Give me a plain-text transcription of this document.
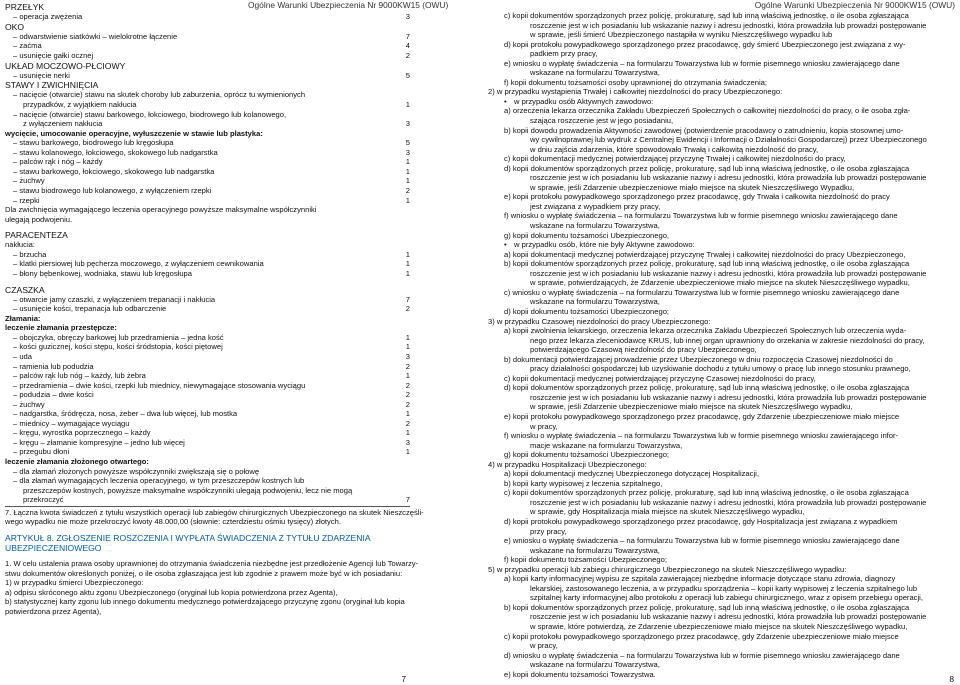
PRZEŁYK
– operacja zwężenia	3
OKO
– odwarstwienie siatkówki – wielokrotne łączenie	7
– zaćma	4
– usunięcie gałki ocznej	2
UKŁAD MOCZOWO-PŁCIOWY
– usunięcie nerki	5
STAWY I ZWICHNIĘCIA
– nacięcie (otwarcie) stawu na skutek choroby lub zaburzenia, oprócz tu wymienionych
przypadków, z wyjątkiem nakłucia	1
– nacięcie (otwarcie) stawu barkowego, łokciowego, biodrowego lub kolanowego,
z wyłączeniem nakłucia	3
wycięcie, umocowanie operacyjne, wyłuszczenie w stawie lub plastyka:
– stawu barkowego, biodrowego lub kręgosłupa	5
– stawu kolanowego, łokciowego, skokowego lub nadgarstka	3
– palców rąk i nóg – każdy	1
– stawu barkowego, łokciowego, skokowego lub nadgarstka	1
– żuchwy	1
– stawu biodrowego lub kolanowego, z wyłączeniem rzepki	2
– rzepki	1
Dla zwichnięcia wymagającego leczenia operacyjnego powyższe maksymalne współczynniki
ulegają podwojeniu.
PARACENTEZA
nakłucia:
– brzucha	1
– klatki piersiowej lub pęcherza moczowego, z wyłączeniem cewnikowania	1
– błony bębenkowej, wodniaka, stawu lub kręgosłupa	1
CZASZKA
– otwarcie jamy czaszki, z wyłączeniem trepanacji i nakłucia	7
– usunięcie kości, trepanacja lub odbarczenie	2
Złamania:
leczenie złamania przestępcze:
– obojczyka, obręczy barkowej lub przedramienia – jedna kość	1
– kości guzicznej, kości stępu, kości śródstopia, kości piętowej	1
– uda	3
– ramienia lub podudzia	2
– palców rąk lub nóg – każdy, lub żebra	1
– przedramienia – dwie kości, rzepki lub miednicy, niewymagające stosowania wyciągu	2
– podudzia – dwie kości	2
– żuchwy	2
– nadgarstka, śródręcza, nosa, żeber – dwa lub więcej, lub mostka	1
– miednicy – wymagające wyciągu	2
– kręgu, wyrostka poprzecznego – każdy	1
– kręgu – złamanie kompresyjne – jedno lub więcej	3
– przegubu dłoni	1
leczenie złamania złożonego otwartego:
– dla złamań złożonych powyższe współczynniki zwiększają się o połowę
– dla złamań wymagających leczenia operacyjnego, w tym przeszczepów kostnych lub
przeszczepów kostnych, powyższe maksymalne współczynniki ulegają podwojeniu, lecz nie mogą
przekroczyć	7
7. Łączna kwota świadczeń z tytułu wszystkich operacji lub zabiegów chirurgicznych Ubezpieczonego na skutek Nieszczęśli-
wego wypadku nie może przekroczyć kwoty 48.000,00 (słownie: czterdziestu ośmiu tysięcy) złotych.
ARTYKUŁ 8. ZGŁOSZENIE ROSZCZENIA I WYPŁATA ŚWIADCZENIA Z TYTUŁU ZDARZENIA
UBEZPIECZENIOWEGO
1. W celu ustalenia prawa osoby uprawnionej do otrzymania świadczenia niezbędne jest przedłożenie Agencji lub Towarzy-
stwu dokumentów określonych poniżej, o ile osoba zgłaszająca jest lub zgodnie z prawem może być w ich posiadaniu:
1) w przypadku śmierci Ubezpieczonego:
a) odpisu skróconego aktu zgonu Ubezpieczonego (oryginał lub kopia potwierdzona przez Agenta),
b) statystycznej karty zgonu lub innego dokumentu medycznego potwierdzającego przyczynę zgonu (oryginał lub kopia
potwierdzona przez Agenta),
7
Ogólne Warunki Ubezpieczenia Nr 9000KW15 (OWU)
c) kopii dokumentów sporządzonych przez policję, prokuraturę, sąd lub inną właściwą jednostkę, o ile osoba zgłaszająca
roszczenie jest w ich posiadaniu lub wskazanie nazwy i adresu jednostki, która prowadziła lub prowadzi postępowanie
w sprawie, jeśli śmierć Ubezpieczonego nastąpiła w wyniku Nieszczęśliwego wypadku lub
d) kopii protokołu powypadkowego sporządzonego przez pracodawcę, gdy śmierć Ubezpieczonego jest związana z wy-
padkiem przy pracy,
e) wniosku o wypłatę świadczenia – na formularzu Towarzystwa lub w formie pisemnego wniosku zawierającego dane
wskazane na formularzu Towarzystwa,
f) kopii dokumentu tożsamości osoby uprawnionej do otrzymania świadczenia;
2) w przypadku wystąpienia Trwałej i całkowitej niezdolności do pracy Ubezpieczonego:
• w przypadku osób Aktywnych zawodowo:
a) orzeczenia lekarza orzecznika Zakładu Ubezpieczeń Społecznych o całkowitej niezdolności do pracy, o ile osoba zgła-
szająca roszczenie jest w jego posiadaniu,
b) kopii dowodu prowadzenia Aktywności zawodowej (potwierdzenie pracodawcy o zatrudnieniu, kopia stosownej umo-
wy cywilnoprawnej lub wydruk z Centralnej Ewidencji i Informacji o Działalności Gospodarczej) przez Ubezpieczonego
w dniu zajścia zdarzenia, które spowodowało Trwałą i całkowitą niezdolność do pracy,
c) kopii dokumentacji medycznej potwierdzającej przyczynę Trwałej i całkowitej niezdolności do pracy,
d) kopii dokumentów sporządzonych przez policję, prokuraturę, sąd lub inną właściwą jednostkę, o ile osoba zgłaszająca
roszczenie jest w ich posiadaniu lub wskazanie nazwy i adresu jednostki, która prowadziła lub prowadzi postępowanie
w sprawie, jeśli Zdarzenie ubezpieczeniowe miało miejsce na skutek Nieszczęśliwego Wypadku,
e) kopii protokołu powypadkowego sporządzonego przez pracodawcę, gdy Trwała i całkowita niezdolność do pracy
jest związana z wypadkiem przy pracy,
f) wniosku o wypłatę świadczenia – na formularzu Towarzystwa lub w formie pisemnego wniosku zawierającego dane
wskazane na formularzu Towarzystwa,
g) kopii dokumentu tożsamości Ubezpieczonego,
• w przypadku osób, które nie były Aktywne zawodowo:
a) kopii dokumentacji medycznej potwierdzającej przyczynę Trwałej i całkowitej niezdolności do pracy Ubezpieczonego,
b) kopii dokumentów sporządzonych przez policję, prokuraturę, sąd lub inną właściwą jednostkę, o ile osoba zgłaszająca
roszczenie jest w ich posiadaniu lub wskazanie nazwy i adresu jednostki, która prowadziła lub prowadzi postępowanie
w sprawie, potwierdzających, że Zdarzenie ubezpieczeniowe miało miejsce na skutek Nieszczęśliwego wypadku,
c) wniosku o wypłatę świadczenia – na formularzu Towarzystwa lub w formie pisemnego wniosku zawierającego dane
wskazane na formularzu Towarzystwa,
d) kopii dokumentu tożsamości Ubezpieczonego;
3) w przypadku Czasowej niezdolności do pracy Ubezpieczonego:
a) kopii zwolnienia lekarskiego, orzeczenia lekarza orzecznika Zakładu Ubezpieczeń Społecznych lub orzeczenia wyda-
nego przez lekarza zleceniodawcę KRUS, lub innej organ uprawniony do orzekania w zakresie niezdolności do pracy,
potwierdzającego Czasową niezdolność do pracy Ubezpieczonego,
b) dokumentacji potwierdzającej prowadzenie przez Ubezpieczonego w dniu rozpoczęcia Czasowej niezdolności do
pracy działalności gospodarczej lub uzyskiwanie dochodu z tytułu umowy o pracę lub innego stosunku prawnego,
c) kopii dokumentacji medycznej potwierdzającej przyczynę Czasowej niezdolności do pracy,
d) kopii dokumentów sporządzonych przez policję, prokuraturę, sąd lub inną właściwą jednostkę, o ile osoba zgłaszająca
roszczenie jest w ich posiadaniu lub wskazanie nazwy i adresu jednostki, która prowadziła lub prowadzi postępowanie
w sprawie, jeśli Zdarzenie ubezpieczeniowe miało miejsce na skutek Nieszczęśliwego wypadku,
e) kopii protokołu powypadkowego sporządzonego przez pracodawcę, gdy Zdarzenie ubezpieczeniowe miało miejsce
w pracy,
f) wniosku o wypłatę świadczenia – na formularzu Towarzystwa lub w formie pisemnego wniosku zawierającego infor-
macje wskazane na formularzu Towarzystwa,
g) kopii dokumentu tożsamości Ubezpieczonego;
4) w przypadku Hospitalizacji Ubezpieczonego:
a) kopii dokumentacji medycznej Ubezpieczonego dotyczącej Hospitalizacji,
b) kopii karty wypisowej z leczenia szpitalnego,
c) kopii dokumentów sporządzonych przez policję, prokuraturę, sąd lub inną właściwą jednostkę, o ile osoba zgłaszająca
roszczenie jest w ich posiadaniu lub wskazanie nazwy i adresu jednostki, która prowadziła lub prowadzi postępowanie
w sprawie, gdy Hospitalizacja miała miejsce na skutek Nieszczęśliwego wypadku,
d) kopii protokołu powypadkowego sporządzonego przez pracodawcę, gdy Hospitalizacja jest związana z wypadkiem
przy pracy,
e) wniosku o wypłatę świadczenia – na formularzu Towarzystwa lub w formie pisemnego wniosku zawierającego dane
wskazane na formularzu Towarzystwa,
f) kopii dokumentu tożsamości Ubezpieczonego;
5) w przypadku operacji lub zabiegu chirurgicznego Ubezpieczonego na skutek Nieszczęśliwego wypadku:
a) kopii karty informacyjnej wypisu ze szpitala zawierającej niezbędne informacje dotyczące stanu zdrowia, diagnozy
lekarskiej, zastosowanego leczenia, a w przypadku sporządzenia – kopii karty wypisowej z leczenia szpitalnego lub
szpitalnej karty informacyjnej albo protokołu z operacji lub zabiegu chirurgicznego, wraz z opisem przebiegu operacji,
b) kopii dokumentów sporządzonych przez policję, prokuraturę, sąd lub inną właściwą jednostkę, o ile osoba zgłaszająca
roszczenie jest w ich posiadaniu lub wskazanie nazwy i adresu jednostki, która prowadziła lub prowadzi postępowanie
w sprawie, które potwierdzą, że Zdarzenie ubezpieczeniowe miało miejsce na skutek Nieszczęśliwego wypadku,
c) kopii protokołu powypadkowego sporządzonego przez pracodawcę, gdy Zdarzenie ubezpieczeniowe miało miejsce
w pracy,
d) wniosku o wypłatę świadczenia – na formularzu Towarzystwa lub w formie pisemnego wniosku zawierającego dane
wskazane na formularzu Towarzystwa,
e) kopii dokumentu tożsamości Towarzystwa.
8
Ogólne Warunki Ubezpieczenia Nr 9000KW15 (OWU)
